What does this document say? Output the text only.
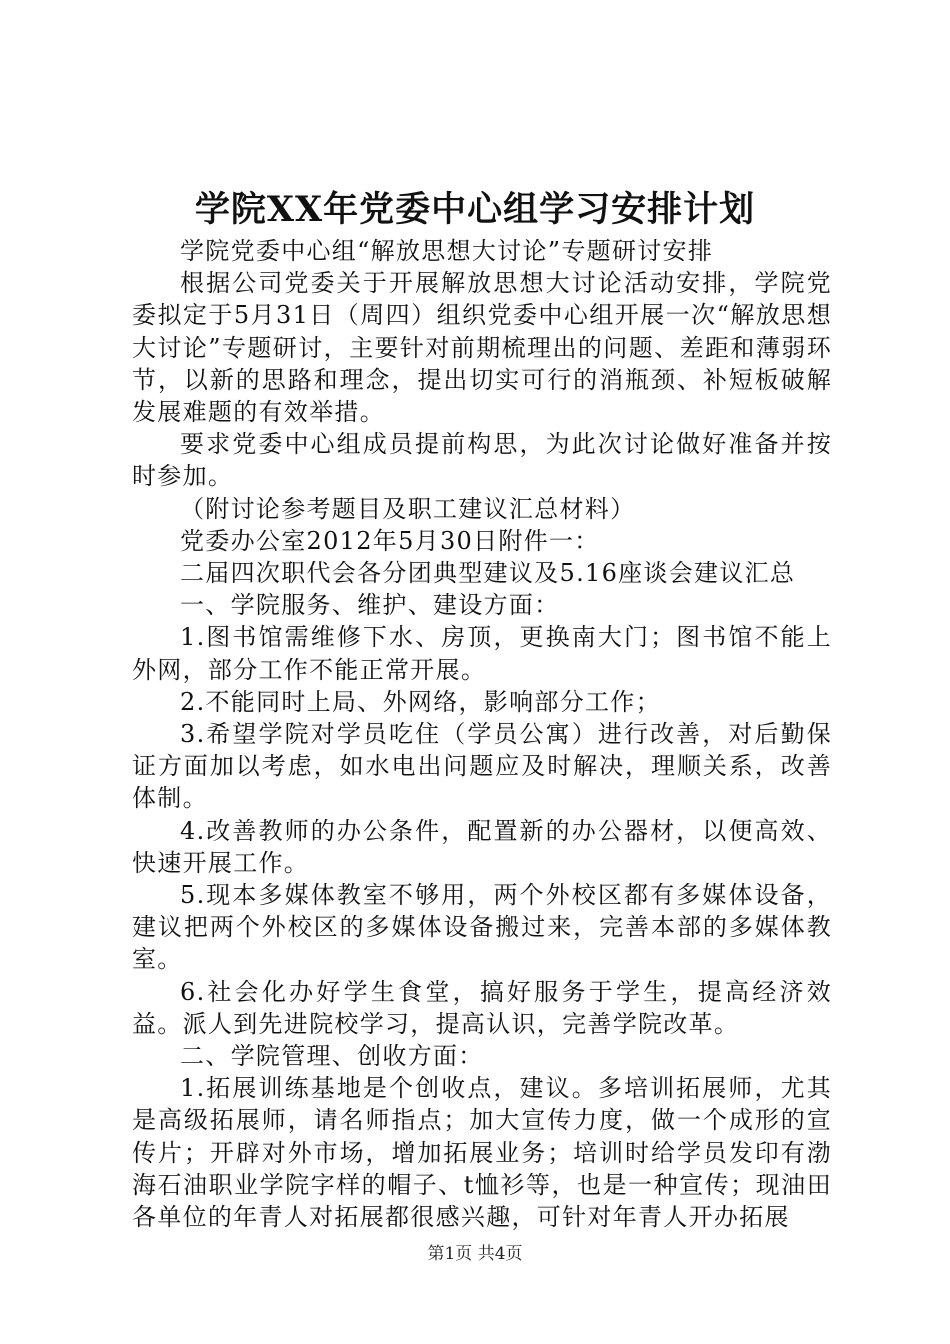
学院XX年党委中心组学习安排计划

学院党委中心组“解放思想大讨论”专题研讨安排

根据公司党委关于开展解放思想大讨论活动安排，学院党委拟定于5月31日（周四）组织党委中心组开展一次“解放思想大讨论”专题研讨，主要针对前期梳理出的问题、差距和薄弱环节，以新的思路和理念，提出切实可行的消瓶颈、补短板破解发展难题的有效举措。

要求党委中心组成员提前构思，为此次讨论做好准备并按时参加。

（附讨论参考题目及职工建议汇总材料）

党委办公室2012年5月30日附件一：

二届四次职代会各分团典型建议及5.16座谈会建议汇总

一、学院服务、维护、建设方面：

1.图书馆需维修下水、房顶，更换南大门；图书馆不能上外网，部分工作不能正常开展。

2.不能同时上局、外网络，影响部分工作；

3.希望学院对学员吃住（学员公寓）进行改善，对后勤保证方面加以考虑，如水电出问题应及时解决，理顺关系，改善体制。

4.改善教师的办公条件，配置新的办公器材，以便高效、快速开展工作。

5.现本多媒体教室不够用，两个外校区都有多媒体设备，建议把两个外校区的多媒体设备搬过来，完善本部的多媒体教室。

6.社会化办好学生食堂，搞好服务于学生，提高经济效益。派人到先进院校学习，提高认识，完善学院改革。

二、学院管理、创收方面：

1.拓展训练基地是个创收点，建议。多培训拓展师，尤其是高级拓展师，请名师指点；加大宣传力度，做一个成形的宣传片；开辟对外市场，增加拓展业务；培训时给学员发印有渤海石油职业学院字样的帽子、t恤衫等，也是一种宣传；现油田各单位的年青人对拓展都很感兴趣，可针对年青人开办拓展

第1页 共4页
